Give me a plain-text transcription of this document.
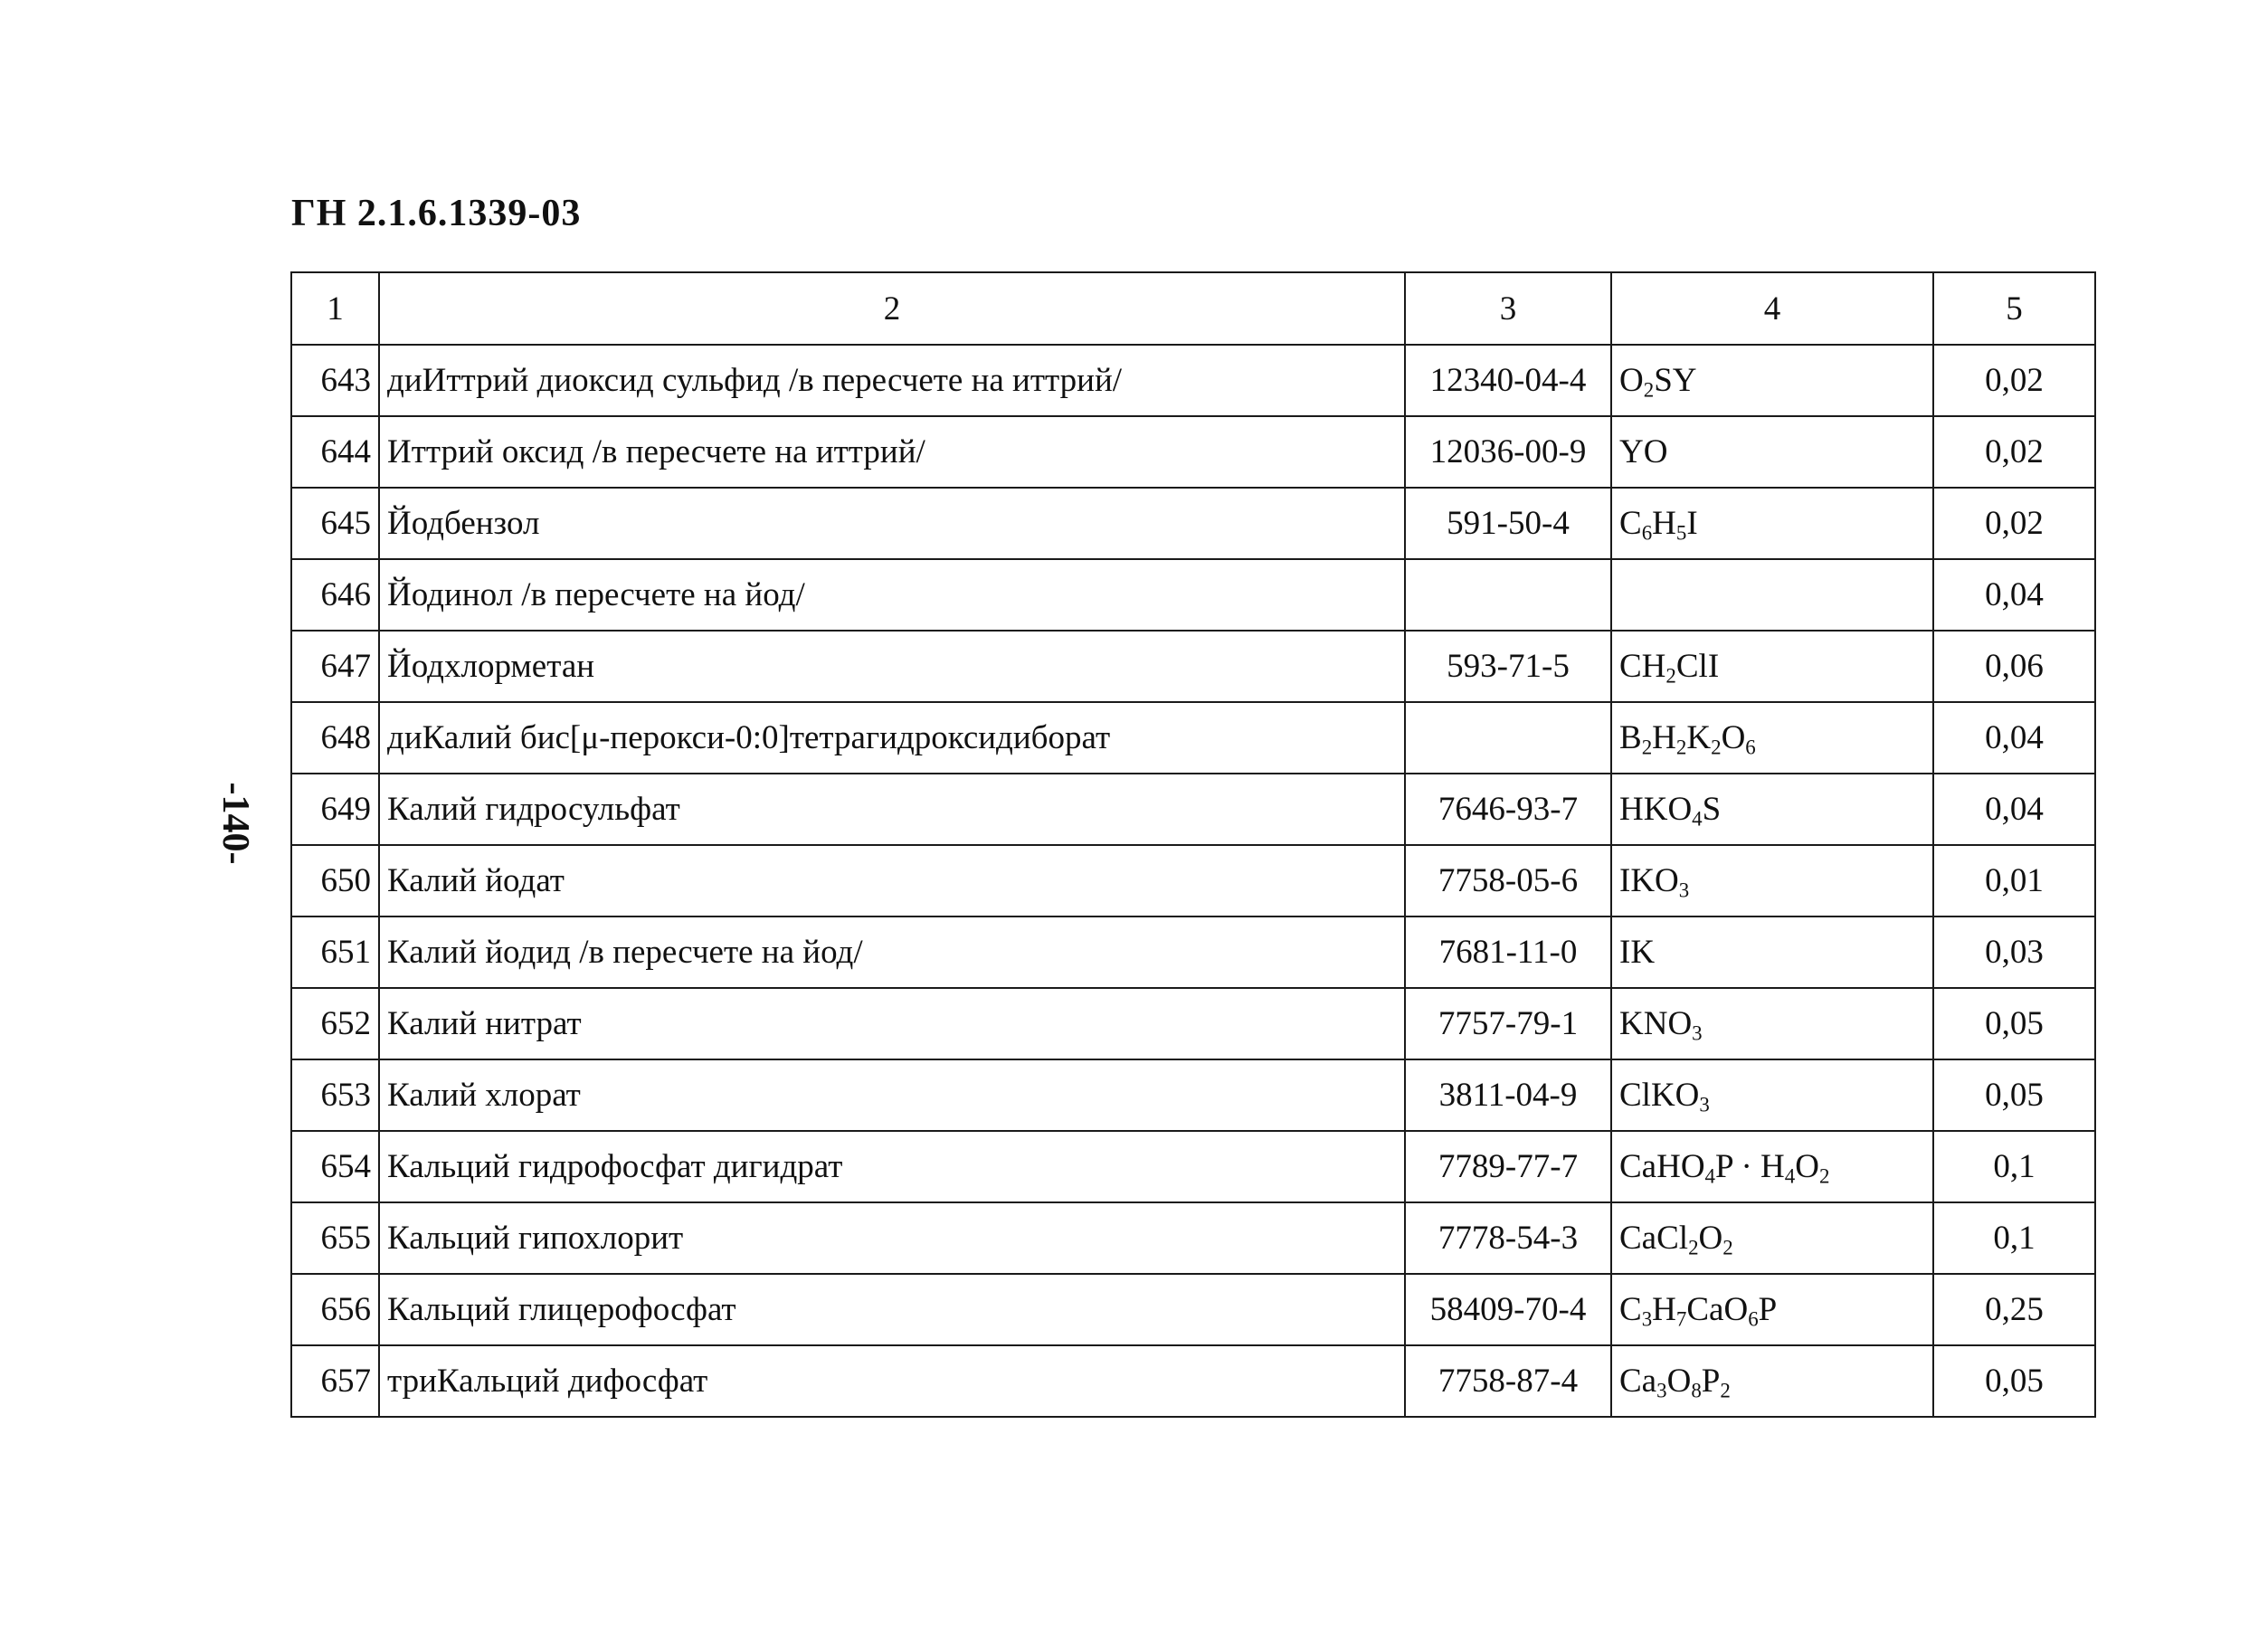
ГН 2.1.6.1339-03
-140-
1	2	3	4	5
643	диИттрий диоксид сульфид /в пересчете на иттрий/	12340-04-4	$O_2SY$	0,02
644	Иттрий оксид /в пересчете на иттрий/	12036-00-9	YO	0,02
645	Йодбензол	591-50-4	$C_6H_5I$	0,02
646	Йодинол /в пересчете на йод/			0,04
647	Йодхлорметан	593-71-5	$CH_2ClI$	0,06
648	диКалий бис[μ-перокси-0:0]тетрагидроксидиборат		$B_2H_2K_2O_6$	0,04
649	Калий гидросульфат	7646-93-7	$HKO_4S$	0,04
650	Калий йодат	7758-05-6	$IKO_3$	0,01
651	Калий йодид /в пересчете на йод/	7681-11-0	IK	0,03
652	Калий нитрат	7757-79-1	$KNO_3$	0,05
653	Калий хлорат	3811-04-9	ClKO$_3$	0,05
654	Кальций гидрофосфат дигидрат	7789-77-7	CaHO$_4$P · $H_4O_2$	0,1
655	Кальций гипохлорит	7778-54-3	$CaCl_2O_2$	0,1
656	Кальций глицерофосфат	58409-70-4	$C_3H_7CaO_6P$	0,25
657	триКальций дифосфат	7758-87-4	$Ca_3O_8P_2$	0,05
